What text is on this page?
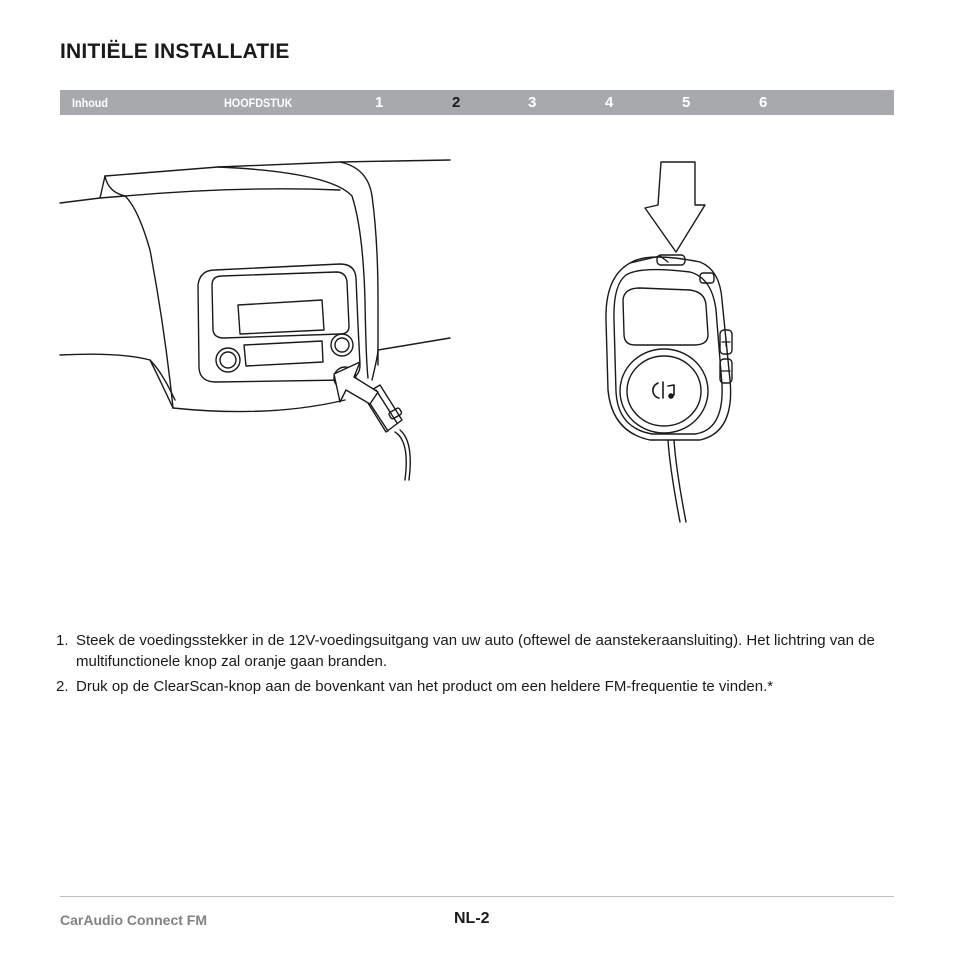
INITIËLE INSTALLATIE
Inhoud	HOOFDSTUK	1	2	3	4	5	6
1. Steek de voedingsstekker in de 12V-voedingsuitgang van uw auto (oftewel de aanstekeraansluiting). Het lichtring van de multifunctionele knop zal oranje gaan branden.
2. Druk op de ClearScan-knop aan de bovenkant van het product om een heldere FM-frequentie te vinden.*
CarAudio Connect FM	NL-2
